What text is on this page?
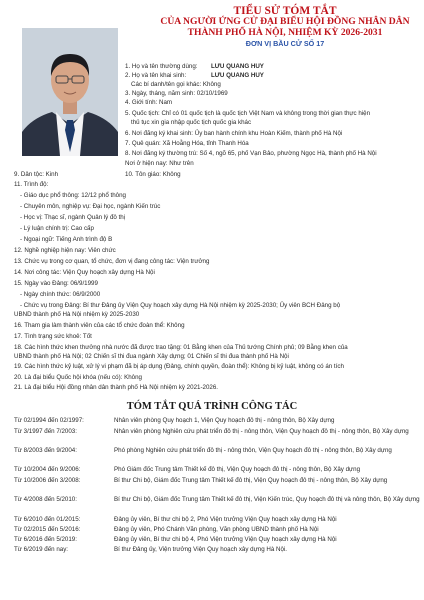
TIỂU SỬ TÓM TẮT
CỦA NGƯỜI ỨNG CỬ ĐẠI BIỂU HỘI ĐỒNG NHÂN DÂN
THÀNH PHỐ HÀ NỘI, NHIỆM KỲ 2026-2031
ĐƠN VỊ BẦU CỬ SỐ 17
1. Họ và tên thường dùng: LƯU QUANG HUY
2. Họ và tên khai sinh:	LƯU QUANG HUY
Các bí danh/tên gọi khác: Không
3. Ngày, tháng, năm sinh: 02/10/1969
4. Giới tính: Nam
5. Quốc tịch: Chỉ có 01 quốc tịch là quốc tịch Việt Nam và không trong thời gian thực hiện
thủ tục xin gia nhập quốc tịch quốc gia khác
6. Nơi đăng ký khai sinh: Ủy ban hành chính khu Hoàn Kiếm, thành phố Hà Nội
7. Quê quán: Xã Hoằng Hóa, tỉnh Thanh Hóa
8. Nơi đăng ký thường trú: Số 4, ngõ 65, phố Vạn Bảo, phường Ngọc Hà, thành phố Hà Nội
Nơi ở hiện nay: Như trên
9. Dân tộc: Kinh	10. Tôn giáo: Không
11. Trình độ:
- Giáo dục phổ thông: 12/12 phổ thông
- Chuyên môn, nghiệp vụ: Đại học, ngành Kiến trúc
- Học vị: Thạc sĩ, ngành Quản lý đô thị
- Lý luận chính trị: Cao cấp
- Ngoại ngữ: Tiếng Anh trình độ B
12. Nghề nghiệp hiện nay: Viên chức
13. Chức vụ trong cơ quan, tổ chức, đơn vị đang công tác: Viện trưởng
14. Nơi công tác: Viện Quy hoạch xây dựng Hà Nội
15. Ngày vào Đảng: 06/9/1999
- Ngày chính thức: 06/9/2000
- Chức vụ trong Đảng: Bí thư Đảng ủy Viện Quy hoạch xây dựng Hà Nội nhiệm kỳ 2025-2030; Ủy viên BCH Đảng bộ
UBND thành phố Hà Nội nhiệm kỳ 2025-2030
16. Tham gia làm thành viên của các tổ chức đoàn thể: Không
17. Tình trạng sức khoẻ: Tốt
18. Các hình thức khen thưởng nhà nước đã được trao tặng: 01 Bằng khen của Thủ tướng Chính phủ; 09 Bằng khen của
UBND thành phố Hà Nội; 02 Chiến sĩ thi đua ngành Xây dựng; 01 Chiến sĩ thi đua thành phố Hà Nội
19. Các hình thức kỷ luật, xử lý vi phạm đã bị áp dụng (Đảng, chính quyền, đoàn thể): Không bị kỷ luật, không có án tích
20. Là đại biểu Quốc hội khóa (nếu có): Không
21. Là đại biểu Hội đồng nhân dân thành phố Hà Nội nhiệm kỳ 2021-2026.
TÓM TẮT QUÁ TRÌNH CÔNG TÁC
Từ 02/1994 đến 02/1997:	Nhân viên phòng Quy hoạch 1, Viện Quy hoạch đô thị - nông thôn, Bộ Xây dựng
Từ 3/1997 đến 7/2003:	Nhân viên phòng Nghiên cứu phát triển đô thị - nông thôn, Viện Quy hoạch đô thị - nông thôn, Bộ Xây dựng
Từ 8/2003 đến 9/2004:	Phó phòng Nghiên cứu phát triển đô thị - nông thôn, Viện Quy hoạch đô thị - nông thôn, Bộ Xây dựng
Từ 10/2004 đến 9/2006:	Phó Giám đốc Trung tâm Thiết kế đô thị, Viện Quy hoạch đô thị - nông thôn, Bộ Xây dựng
Từ 10/2006 đến 3/2008:	Bí thư Chi bộ, Giám đốc Trung tâm Thiết kế đô thị, Viện Quy hoạch đô thị - nông thôn, Bộ Xây dựng
Từ 4/2008 đến 5/2010:	Bí thư Chi bộ, Giám đốc Trung tâm Thiết kế đô thị, Viện Kiến trúc, Quy hoạch đô thị và nông thôn, Bộ Xây dựng
Từ 6/2010 đến 01/2015:	Đảng ủy viên, Bí thư chi bộ 2, Phó Viện trưởng Viện Quy hoạch xây dựng Hà Nội
Từ 02/2015 đến 5/2016:	Đảng ủy viên, Phó Chánh Văn phòng, Văn phòng UBND thành phố Hà Nội
Từ 6/2016 đến 5/2019:	Đảng ủy viên, Bí thư chi bộ 4, Phó Viện trưởng Viện Quy hoạch xây dựng Hà Nội
Từ 6/2019 đến nay:	Bí thư Đảng ủy, Viện trưởng Viện Quy hoạch xây dựng Hà Nội.
